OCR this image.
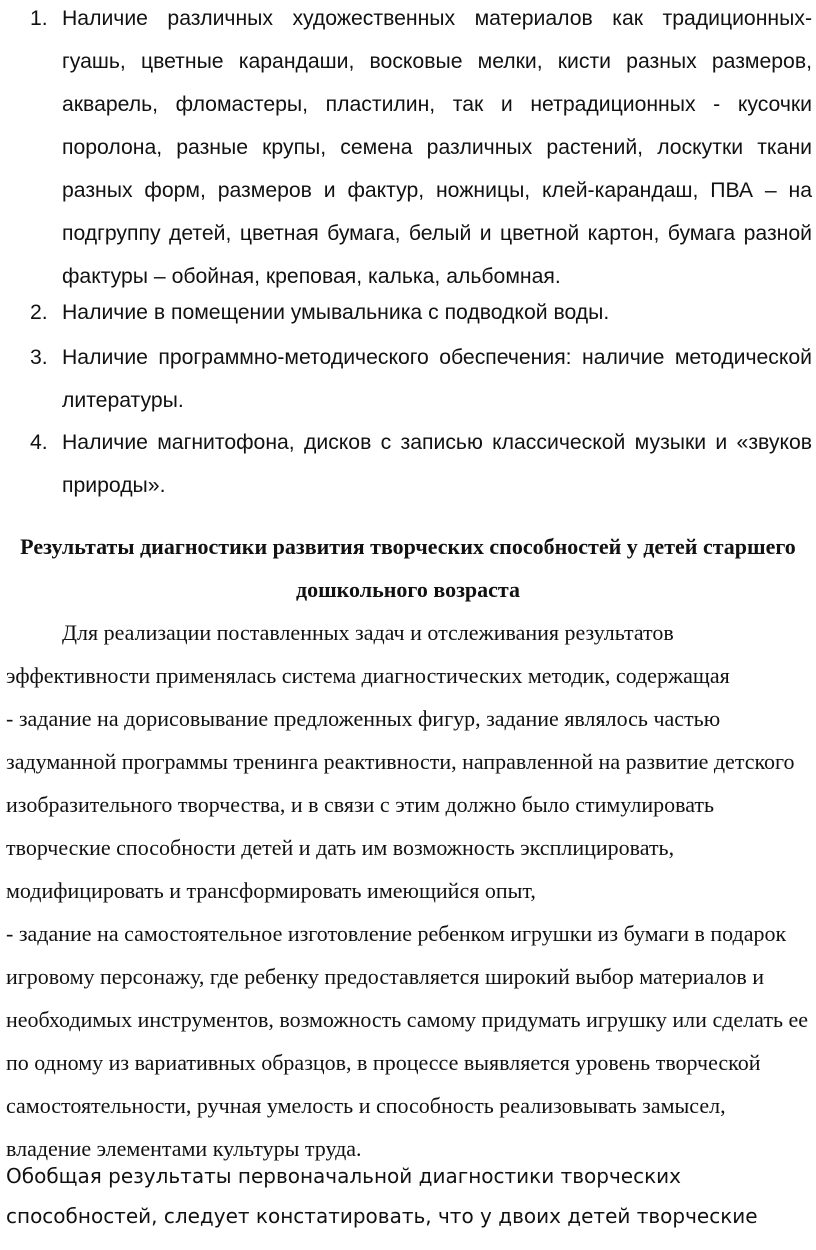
1. Наличие различных художественных материалов как традиционных- гуашь, цветные карандаши, восковые мелки, кисти разных размеров, акварель, фломастеры, пластилин, так и нетрадиционных - кусочки поролона, разные крупы, семена различных растений, лоскутки ткани разных форм, размеров и фактур, ножницы, клей-карандаш, ПВА – на подгруппу детей, цветная бумага, белый и цветной картон, бумага разной фактуры – обойная, креповая, калька, альбомная.
2. Наличие в помещении умывальника с подводкой воды.
3. Наличие программно-методического обеспечения: наличие методической литературы.
4. Наличие магнитофона, дисков с записью классической музыки и «звуков природы».
Результаты диагностики развития творческих способностей у детей старшего дошкольного возраста

Для реализации поставленных задач и отслеживания результатов эффективности применялась система диагностических методик, содержащая

- задание на дорисовывание предложенных фигур, задание являлось частью задуманной программы тренинга реактивности, направленной на развитие детского изобразительного творчества, и в связи с этим должно было стимулировать творческие способности детей и дать им возможность эксплицировать, модифицировать и трансформировать имеющийся опыт,

- задание на самостоятельное изготовление ребенком игрушки из бумаги в подарок игровому персонажу, где ребенку предоставляется широкий выбор материалов и необходимых инструментов, возможность самому придумать игрушку или сделать ее по одному из вариативных образцов, в процессе выявляется уровень творческой самостоятельности, ручная умелость и способность реализовывать замысел, владение элементами культуры труда.

Обобщая результаты первоначальной диагностики творческих способностей, следует констатировать, что у двоих детей творческие
